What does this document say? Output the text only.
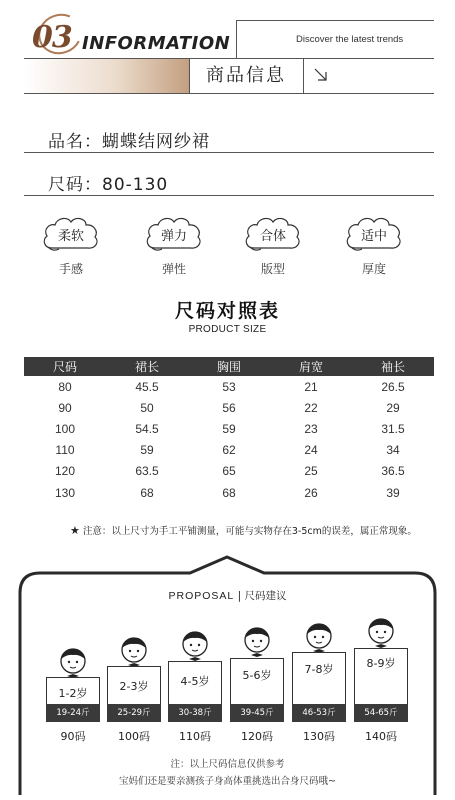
03 INFORMATION	Discover the latest trends
商品信息
品名：蝴蝶结网纱裙
尺码：80-130
柔软
手感
弹力
弹性
合体
版型
适中
厚度
尺码对照表
PRODUCT SIZE
尺码	裙长	胸围	肩宽	袖长
80	45.5	53	21	26.5
90	50	56	22	29
100	54.5	59	23	31.5
110	59	62	24	34
120	63.5	65	25	36.5
130	68	68	26	39
★ 注意：以上尺寸为手工平铺测量，可能与实物存在3-5cm的误差，属正常现象。
PROPOSAL | 尺码建议
1-2岁
19-24斤
90码
2-3岁
25-29斤
100码
4-5岁
30-38斤
110码
5-6岁
39-45斤
120码
7-8岁
46-53斤
130码
8-9岁
54-65斤
140码
注：以上尺码信息仅供参考
宝妈们还是要亲测孩子身高体重挑选出合身尺码哦~
